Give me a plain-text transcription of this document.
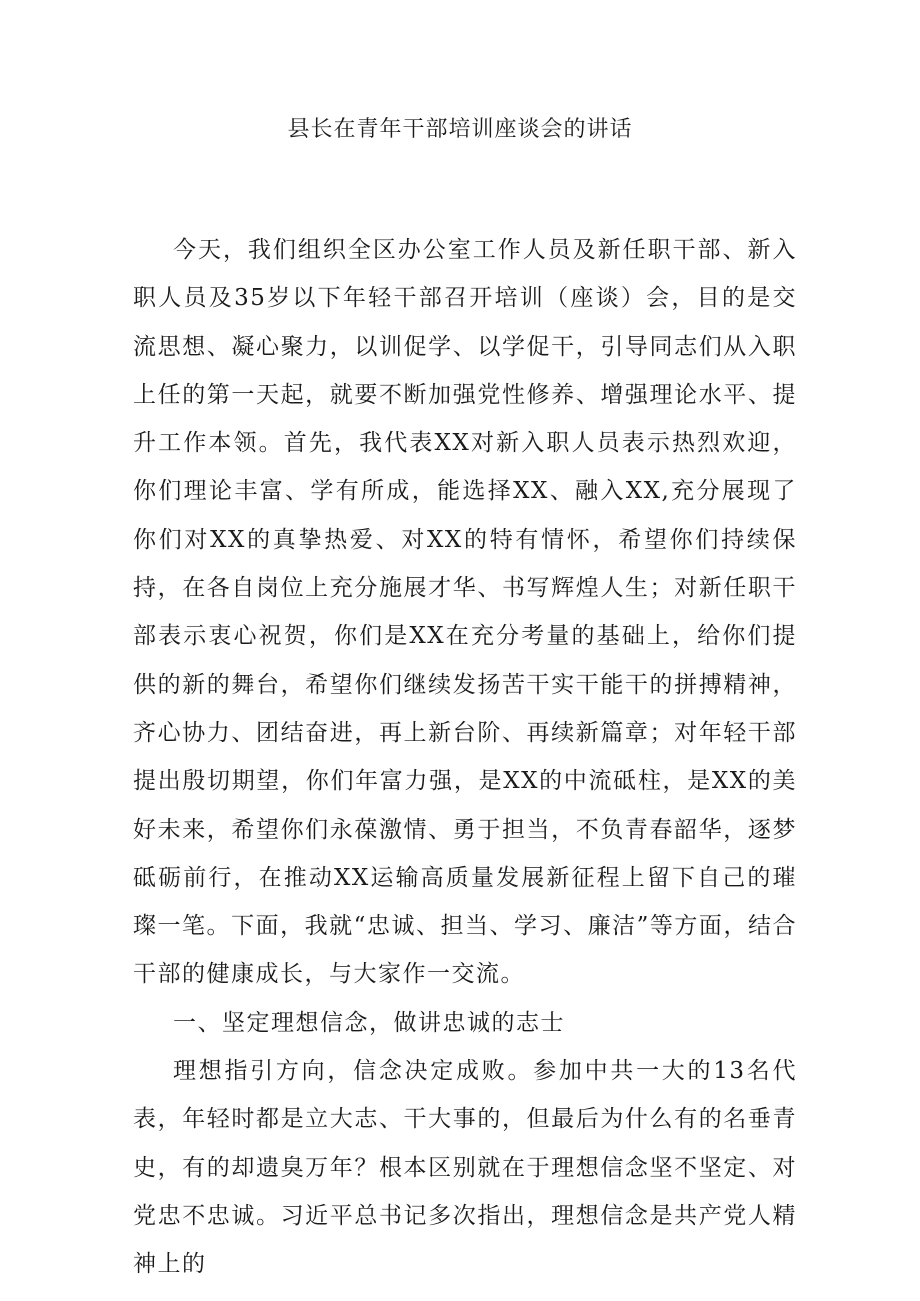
县长在青年干部培训座谈会的讲话

今天，我们组织全区办公室工作人员及新任职干部、新入职人员及35岁以下年轻干部召开培训（座谈）会，目的是交流思想、凝心聚力，以训促学、以学促干，引导同志们从入职上任的第一天起，就要不断加强党性修养、增强理论水平、提升工作本领。首先，我代表XX对新入职人员表示热烈欢迎，你们理论丰富、学有所成，能选择XX、融入XX,充分展现了你们对XX的真挚热爱、对XX的特有情怀，希望你们持续保持，在各自岗位上充分施展才华、书写辉煌人生；对新任职干部表示衷心祝贺，你们是XX在充分考量的基础上，给你们提供的新的舞台，希望你们继续发扬苦干实干能干的拼搏精神，齐心协力、团结奋进，再上新台阶、再续新篇章；对年轻干部提出殷切期望，你们年富力强，是XX的中流砥柱，是XX的美好未来，希望你们永葆激情、勇于担当，不负青春韶华，逐梦砥砺前行，在推动XX运输高质量发展新征程上留下自己的璀璨一笔。下面，我就“忠诚、担当、学习、廉洁”等方面，结合干部的健康成长，与大家作一交流。

一、坚定理想信念，做讲忠诚的志士

理想指引方向，信念决定成败。参加中共一大的13名代表，年轻时都是立大志、干大事的，但最后为什么有的名垂青史，有的却遗臭万年？根本区别就在于理想信念坚不坚定、对党忠不忠诚。习近平总书记多次指出，理想信念是共产党人精神上的
